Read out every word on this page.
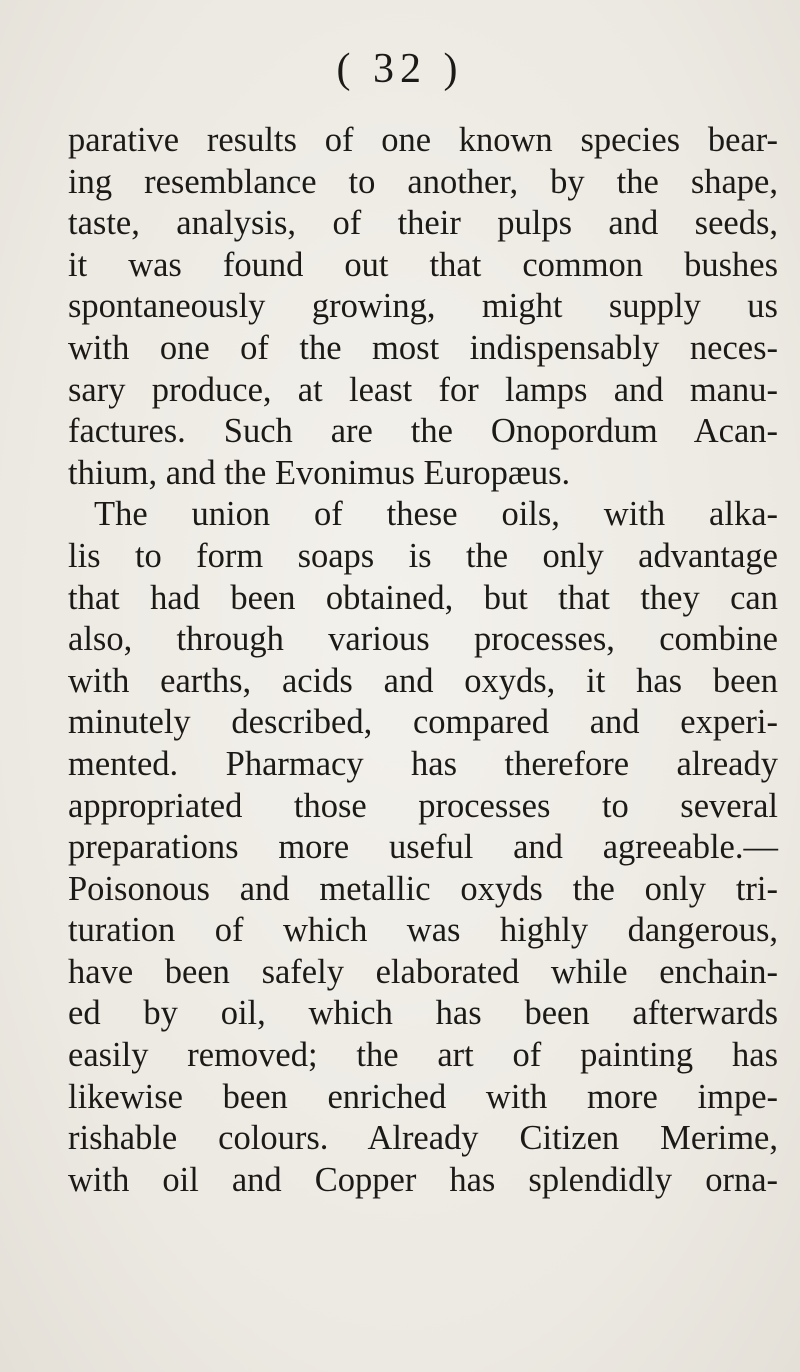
( 32 )
parative results of one known species bear-
ing resemblance to another, by the shape,
taste, analysis, of their pulps and seeds,
it was found out that common bushes
spontaneously growing, might supply us
with one of the most indispensably neces-
sary produce, at least for lamps and manu-
factures. Such are the Onopordum Acan-
thium, and the Evonimus Europæus.
The union of these oils, with alka-
lis to form soaps is the only advantage
that had been obtained, but that they can
also, through various processes, combine
with earths, acids and oxyds, it has been
minutely described, compared and experi-
mented. Pharmacy has therefore already
appropriated those processes to several
preparations more useful and agreeable.—
Poisonous and metallic oxyds the only tri-
turation of which was highly dangerous,
have been safely elaborated while enchain-
ed by oil, which has been afterwards
easily removed; the art of painting has
likewise been enriched with more impe-
rishable colours. Already Citizen Merime,
with oil and Copper has splendidly orna-
